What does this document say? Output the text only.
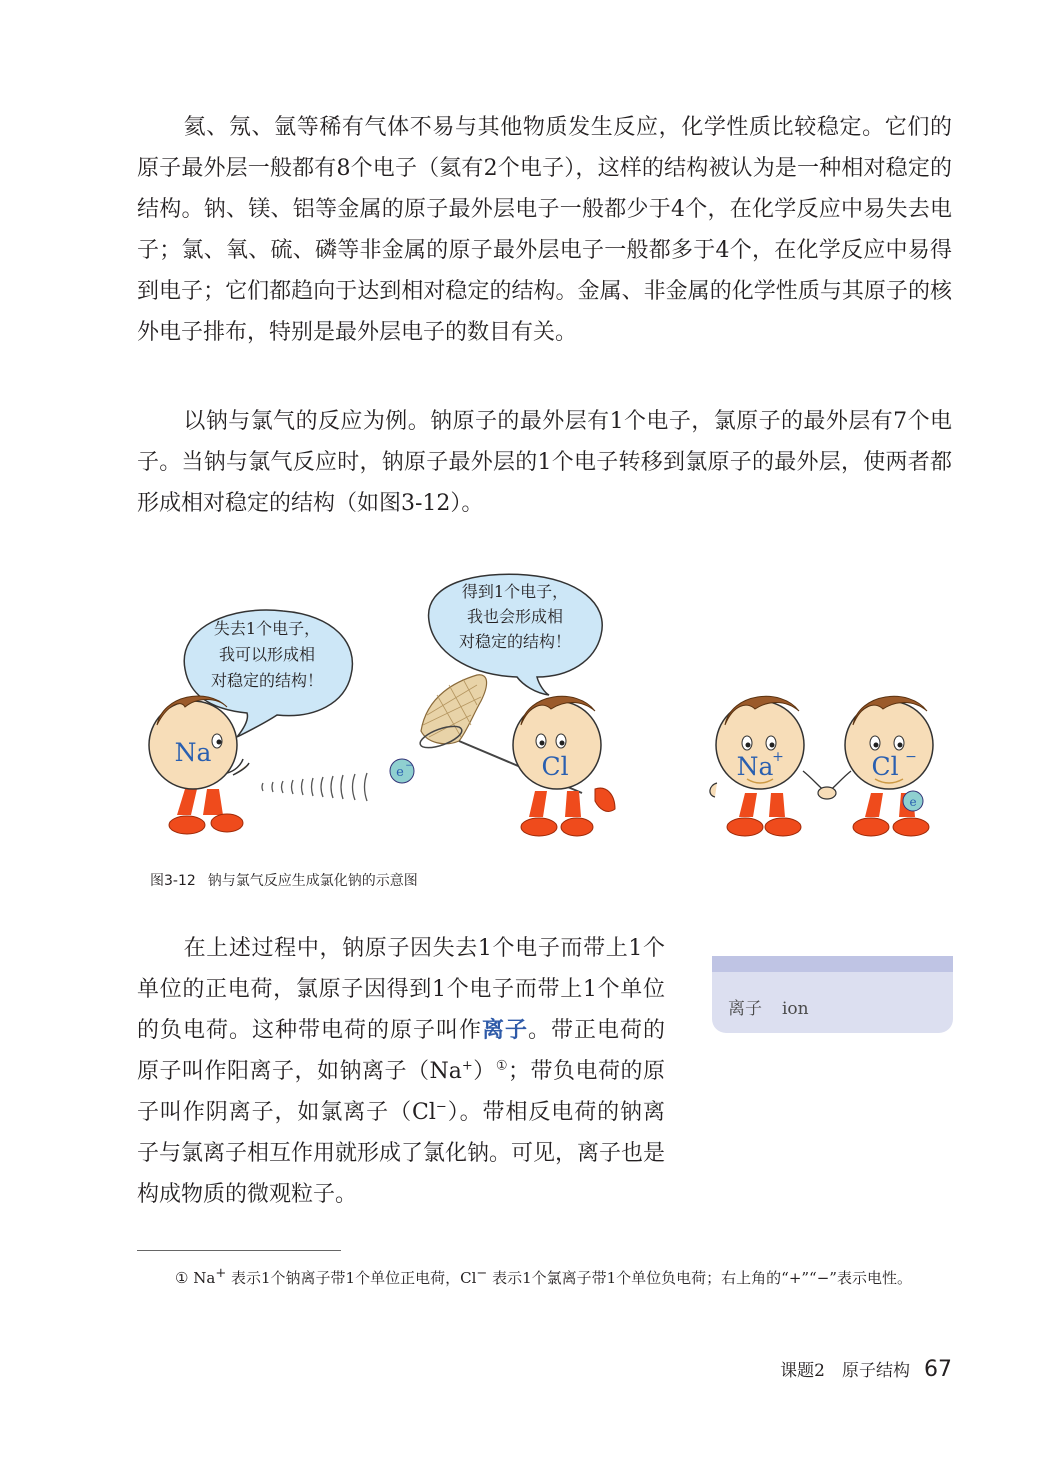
氦、氖、氩等稀有气体不易与其他物质发生反应，化学性质比较稳定。它们的原子最外层一般都有8个电子（氦有2个电子），这样的结构被认为是一种相对稳定的结构。钠、镁、铝等金属的原子最外层电子一般都少于4个，在化学反应中易失去电子；氯、氧、硫、磷等非金属的原子最外层电子一般都多于4个，在化学反应中易得到电子；它们都趋向于达到相对稳定的结构。金属、非金属的化学性质与其原子的核外电子排布，特别是最外层电子的数目有关。

以钠与氯气的反应为例。钠原子的最外层有1个电子，氯原子的最外层有7个电子。当钠与氯气反应时，钠原子最外层的1个电子转移到氯原子的最外层，使两者都形成相对稳定的结构（如图3-12）。

失去1个电子，
我可以形成相
对稳定的结构！
得到1个电子，
我也会形成相
对稳定的结构！
Na
e −	Cl	Na
+	Cl −
e
图3-12 钠与氯气反应生成氯化钠的示意图

在上述过程中，钠原子因失去1个电子而带上1个单位的正电荷，氯原子因得到1个电子而带上1个单位的负电荷。这种带电荷的原子叫作离子。带正电荷的原子叫作阳离子，如钠离子（Na+）①；带负电荷的原子叫作阴离子，如氯离子（Cl−）。带相反电荷的钠离子与氯离子相互作用就形成了氯化钠。可见，离子也是构成物质的微观粒子。

离子 ion

① Na+ 表示1个钠离子带1个单位正电荷，Cl− 表示1个氯离子带1个单位负电荷；右上角的“+”“−”表示电性。

课题2　原子结构 67
